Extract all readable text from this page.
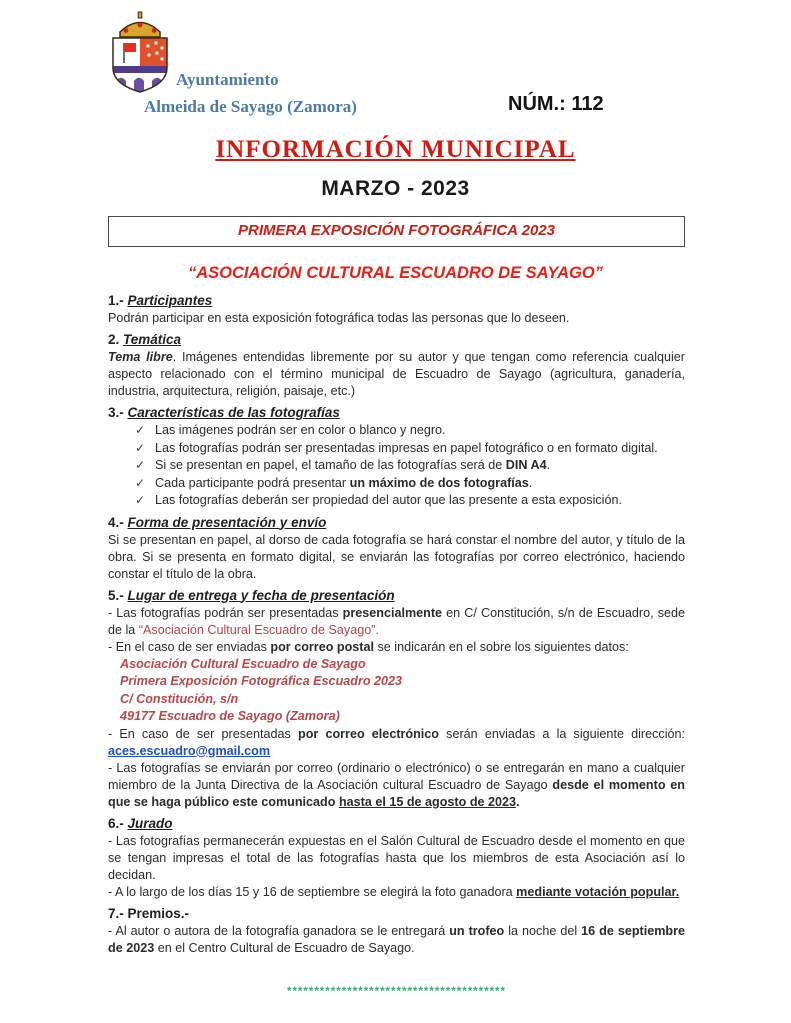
Ayuntamiento
Almeida de Sayago (Zamora)	NÚM.: 112
INFORMACIÓN MUNICIPAL
MARZO - 2023
PRIMERA EXPOSICIÓN FOTOGRÁFICA 2023
“ASOCIACIÓN CULTURAL ESCUADRO DE SAYAGO”
1.- Participantes
Podrán participar en esta exposición fotográfica todas las personas que lo deseen.
2. Temática
Tema libre. Imágenes entendidas libremente por su autor y que tengan como referencia cualquier aspecto relacionado con el término municipal de Escuadro de Sayago (agricultura, ganadería, industria, arquitectura, religión, paisaje, etc.)
3.- Características de las fotografías
✓ Las imágenes podrán ser en color o blanco y negro.
✓ Las fotografías podrán ser presentadas impresas en papel fotográfico o en formato digital.
✓ Si se presentan en papel, el tamaño de las fotografías será de DIN A4.
✓ Cada participante podrá presentar un máximo de dos fotografías.
✓ Las fotografías deberán ser propiedad del autor que las presente a esta exposición.
4.- Forma de presentación y envío
Si se presentan en papel, al dorso de cada fotografía se hará constar el nombre del autor, y título de la obra. Si se presenta en formato digital, se enviarán las fotografías por correo electrónico, haciendo constar el título de la obra.
5.- Lugar de entrega y fecha de presentación
- Las fotografías podrán ser presentadas presencialmente en C/ Constitución, s/n de Escuadro, sede de la “Asociación Cultural Escuadro de Sayago”.
- En el caso de ser enviadas por correo postal se indicarán en el sobre los siguientes datos:
Asociación Cultural Escuadro de Sayago
Primera Exposición Fotográfica Escuadro 2023
C/ Constitución, s/n
49177 Escuadro de Sayago (Zamora)
- En caso de ser presentadas por correo electrónico serán enviadas a la siguiente dirección: aces.escuadro@gmail.com
- Las fotografías se enviarán por correo (ordinario o electrónico) o se entregarán en mano a cualquier miembro de la Junta Directiva de la Asociación cultural Escuadro de Sayago desde el momento en que se haga público este comunicado hasta el 15 de agosto de 2023.
6.- Jurado
- Las fotografías permanecerán expuestas en el Salón Cultural de Escuadro desde el momento en que se tengan impresas el total de las fotografías hasta que los miembros de esta Asociación así lo decidan.
- A lo largo de los días 15 y 16 de septiembre se elegirá la foto ganadora mediante votación popular.
7.- Premios.-
- Al autor o autora de la fotografía ganadora se le entregará un trofeo la noche del 16 de septiembre de 2023 en el Centro Cultural de Escuadro de Sayago.
****************************************
